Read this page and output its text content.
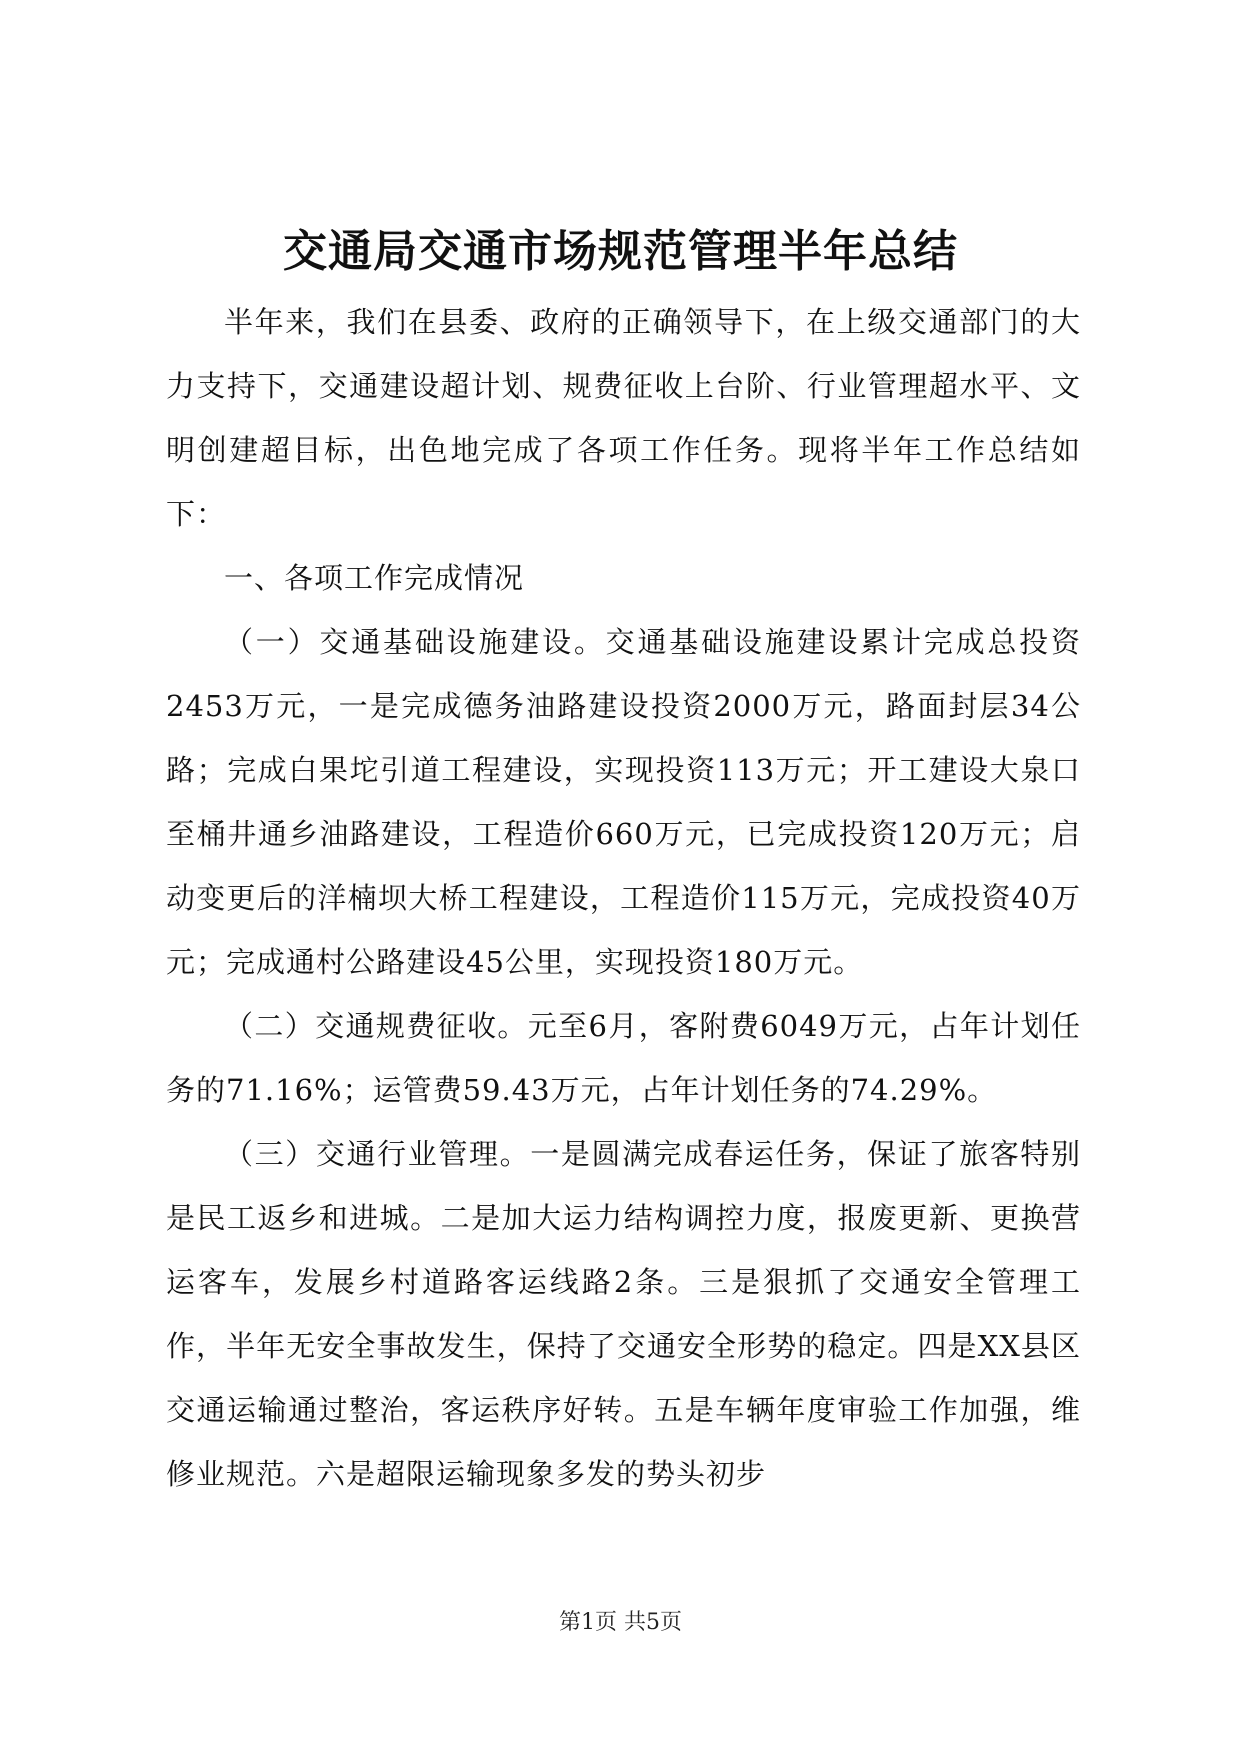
交通局交通市场规范管理半年总结

半年来，我们在县委、政府的正确领导下，在上级交通部门的大力支持下，交通建设超计划、规费征收上台阶、行业管理超水平、文明创建超目标，出色地完成了各项工作任务。现将半年工作总结如下：

一、各项工作完成情况

（一）交通基础设施建设。交通基础设施建设累计完成总投资2453万元，一是完成德务油路建设投资2000万元，路面封层34公路；完成白果坨引道工程建设，实现投资113万元；开工建设大泉口至桶井通乡油路建设，工程造价660万元，已完成投资120万元；启动变更后的洋楠坝大桥工程建设，工程造价115万元，完成投资40万元；完成通村公路建设45公里，实现投资180万元。

（二）交通规费征收。元至6月，客附费6049万元，占年计划任务的71.16%；运管费59.43万元，占年计划任务的74.29%。

（三）交通行业管理。一是圆满完成春运任务，保证了旅客特别是民工返乡和进城。二是加大运力结构调控力度，报废更新、更换营运客车，发展乡村道路客运线路2条。三是狠抓了交通安全管理工作，半年无安全事故发生，保持了交通安全形势的稳定。四是XX县区交通运输通过整治，客运秩序好转。五是车辆年度审验工作加强，维修业规范。六是超限运输现象多发的势头初步

第1页 共5页
